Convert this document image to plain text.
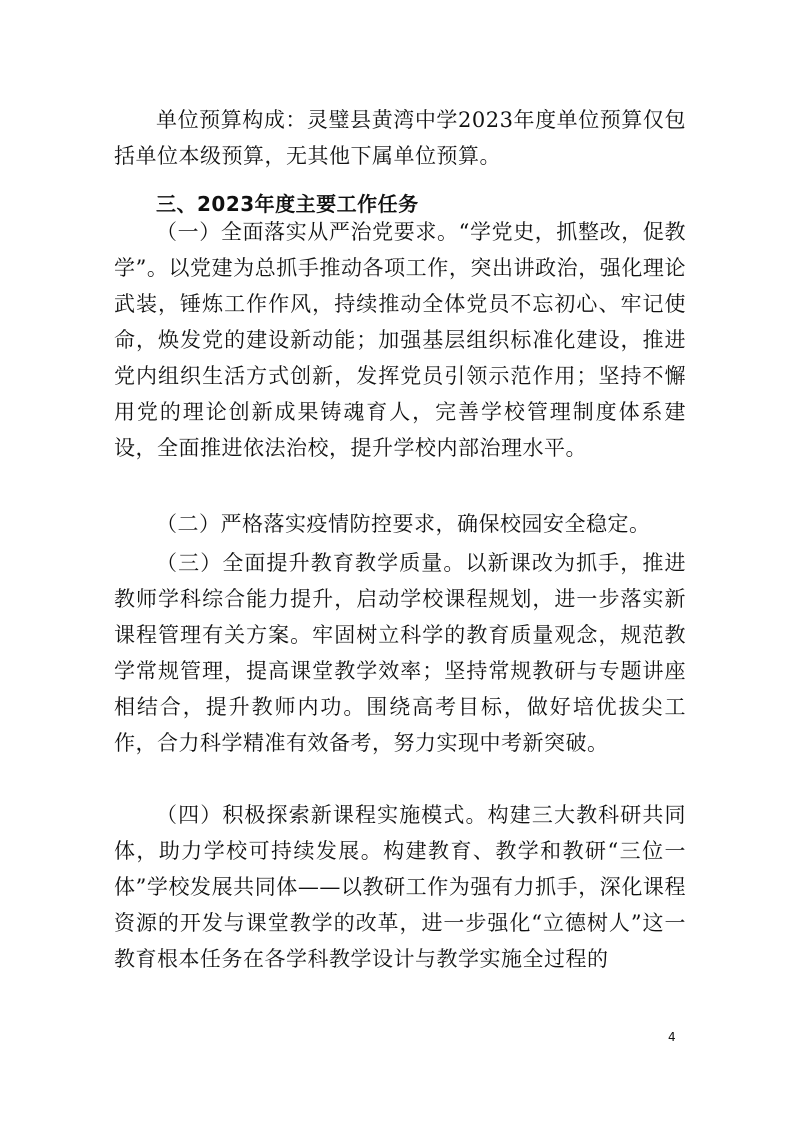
单位预算构成：灵璧县黄湾中学2023年度单位预算仅包括单位本级预算，无其他下属单位预算。

三、2023年度主要工作任务

（一）全面落实从严治党要求。“学党史，抓整改，促教学”。以党建为总抓手推动各项工作，突出讲政治，强化理论武装，锤炼工作作风，持续推动全体党员不忘初心、牢记使命，焕发党的建设新动能；加强基层组织标准化建设，推进党内组织生活方式创新，发挥党员引领示范作用；坚持不懈用党的理论创新成果铸魂育人，完善学校管理制度体系建设，全面推进依法治校，提升学校内部治理水平。

（二）严格落实疫情防控要求，确保校园安全稳定。

（三）全面提升教育教学质量。以新课改为抓手，推进教师学科综合能力提升，启动学校课程规划，进一步落实新课程管理有关方案。牢固树立科学的教育质量观念，规范教学常规管理，提高课堂教学效率；坚持常规教研与专题讲座相结合，提升教师内功。围绕高考目标，做好培优拔尖工作，合力科学精准有效备考，努力实现中考新突破。

（四）积极探索新课程实施模式。构建三大教科研共同体，助力学校可持续发展。构建教育、教学和教研“三位一体”学校发展共同体——以教研工作为强有力抓手，深化课程资源的开发与课堂教学的改革，进一步强化“立德树人”这一教育根本任务在各学科教学设计与教学实施全过程的

4
